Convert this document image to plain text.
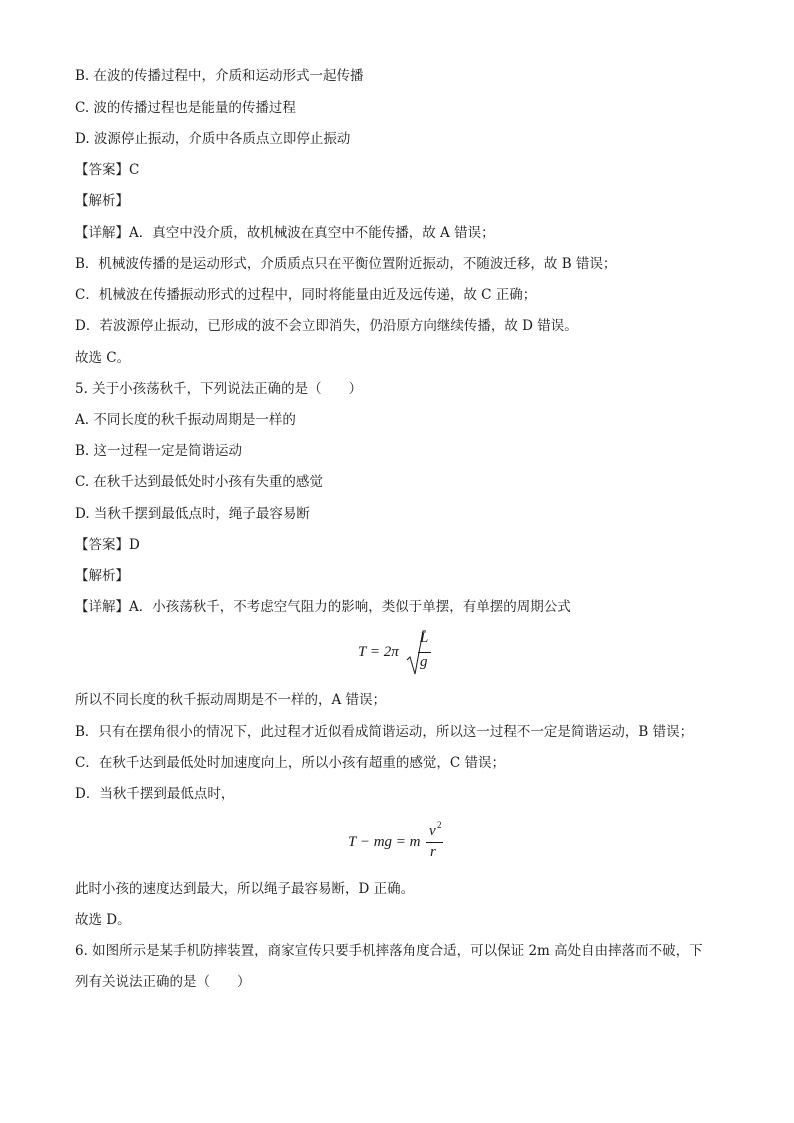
B. 在波的传播过程中，介质和运动形式一起传播
C. 波的传播过程也是能量的传播过程
D. 波源停止振动，介质中各质点立即停止振动
【答案】C
【解析】
【详解】A．真空中没介质，故机械波在真空中不能传播，故 A 错误；
B．机械波传播的是运动形式，介质质点只在平衡位置附近振动，不随波迁移，故 B 错误；
C．机械波在传播振动形式的过程中，同时将能量由近及远传递，故 C 正确；
D．若波源停止振动，已形成的波不会立即消失，仍沿原方向继续传播，故 D 错误。
故选 C。
5. 关于小孩荡秋千，下列说法正确的是（　　）
A. 不同长度的秋千振动周期是一样的
B. 这一过程一定是简谐运动
C. 在秋千达到最低处时小孩有失重的感觉
D. 当秋千摆到最低点时，绳子最容易断
【答案】D
【解析】
【详解】A．小孩荡秋千，不考虑空气阻力的影响，类似于单摆，有单摆的周期公式
T = 2π
L
g
所以不同长度的秋千振动周期是不一样的，A 错误；
B．只有在摆角很小的情况下，此过程才近似看成简谐运动，所以这一过程不一定是简谐运动，B 错误；
C．在秋千达到最低处时加速度向上，所以小孩有超重的感觉，C 错误；
D．当秋千摆到最低点时，
T − mg = m
v 2
r
此时小孩的速度达到最大，所以绳子最容易断，D 正确。
故选 D。
6. 如图所示是某手机防摔装置，商家宣传只要手机摔落角度合适，可以保证 2m 高处自由摔落而不破，下
列有关说法正确的是（　　）
